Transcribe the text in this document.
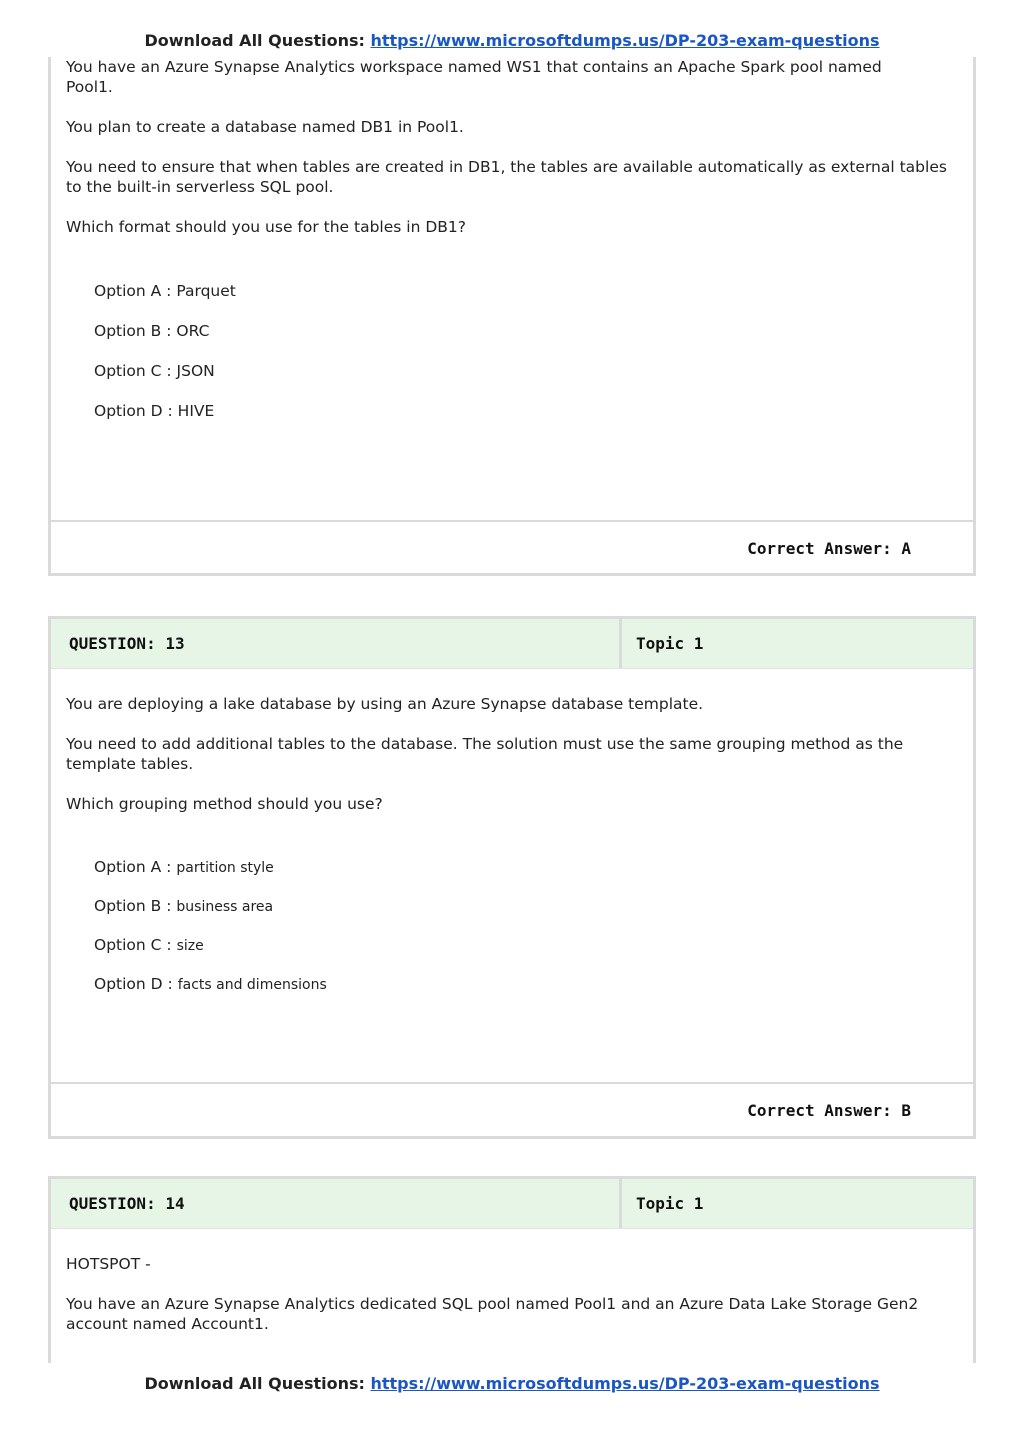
Download All Questions: https://www.microsoftdumps.us/DP-203-exam-questions

You have an Azure Synapse Analytics workspace named WS1 that contains an Apache Spark pool named Pool1.

You plan to create a database named DB1 in Pool1.

You need to ensure that when tables are created in DB1, the tables are available automatically as external tables to the built-in serverless SQL pool.

Which format should you use for the tables in DB1?

Option A : Parquet

Option B : ORC

Option C : JSON

Option D : HIVE

Correct Answer: A
QUESTION: 13	Topic 1

You are deploying a lake database by using an Azure Synapse database template.

You need to add additional tables to the database. The solution must use the same grouping method as the template tables.

Which grouping method should you use?

Option A : partition style

Option B : business area

Option C : size

Option D : facts and dimensions

Correct Answer: B
QUESTION: 14	Topic 1

HOTSPOT -

You have an Azure Synapse Analytics dedicated SQL pool named Pool1 and an Azure Data Lake Storage Gen2 account named Account1.

Download All Questions: https://www.microsoftdumps.us/DP-203-exam-questions
